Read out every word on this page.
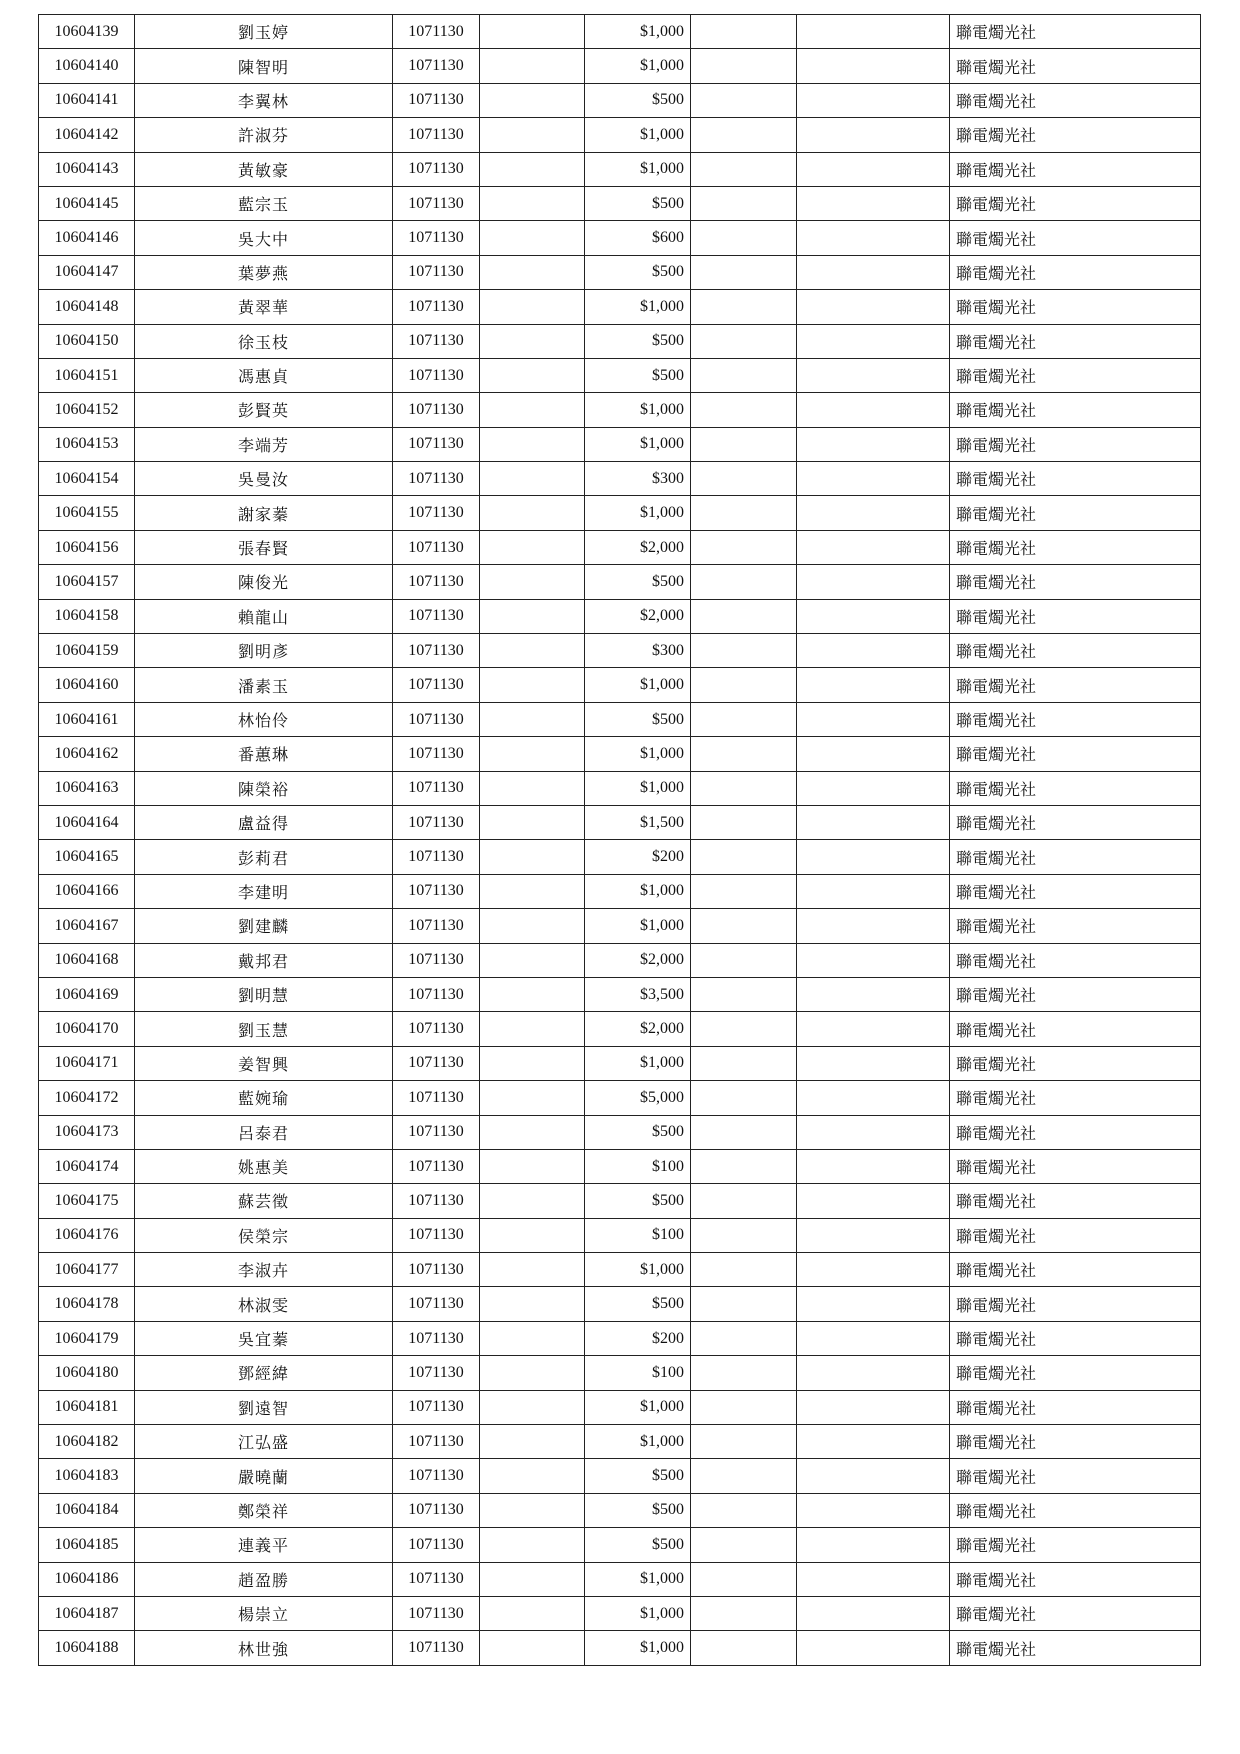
10604139	劉玉婷	1071130		$1,000			聯電燭光社
10604140	陳智明	1071130		$1,000			聯電燭光社
10604141	李翼林	1071130		$500			聯電燭光社
10604142	許淑芬	1071130		$1,000			聯電燭光社
10604143	黃敏豪	1071130		$1,000			聯電燭光社
10604145	藍宗玉	1071130		$500			聯電燭光社
10604146	吳大中	1071130		$600			聯電燭光社
10604147	葉夢燕	1071130		$500			聯電燭光社
10604148	黃翠華	1071130		$1,000			聯電燭光社
10604150	徐玉枝	1071130		$500			聯電燭光社
10604151	馮惠貞	1071130		$500			聯電燭光社
10604152	彭賢英	1071130		$1,000			聯電燭光社
10604153	李端芳	1071130		$1,000			聯電燭光社
10604154	吳曼汝	1071130		$300			聯電燭光社
10604155	謝家蓁	1071130		$1,000			聯電燭光社
10604156	張春賢	1071130		$2,000			聯電燭光社
10604157	陳俊光	1071130		$500			聯電燭光社
10604158	賴龍山	1071130		$2,000			聯電燭光社
10604159	劉明彥	1071130		$300			聯電燭光社
10604160	潘素玉	1071130		$1,000			聯電燭光社
10604161	林怡伶	1071130		$500			聯電燭光社
10604162	番蕙琳	1071130		$1,000			聯電燭光社
10604163	陳榮裕	1071130		$1,000			聯電燭光社
10604164	盧益得	1071130		$1,500			聯電燭光社
10604165	彭莉君	1071130		$200			聯電燭光社
10604166	李建明	1071130		$1,000			聯電燭光社
10604167	劉建麟	1071130		$1,000			聯電燭光社
10604168	戴邦君	1071130		$2,000			聯電燭光社
10604169	劉明慧	1071130		$3,500			聯電燭光社
10604170	劉玉慧	1071130		$2,000			聯電燭光社
10604171	姜智興	1071130		$1,000			聯電燭光社
10604172	藍婉瑜	1071130		$5,000			聯電燭光社
10604173	呂泰君	1071130		$500			聯電燭光社
10604174	姚惠美	1071130		$100			聯電燭光社
10604175	蘇芸徵	1071130		$500			聯電燭光社
10604176	侯榮宗	1071130		$100			聯電燭光社
10604177	李淑卉	1071130		$1,000			聯電燭光社
10604178	林淑雯	1071130		$500			聯電燭光社
10604179	吳宜蓁	1071130		$200			聯電燭光社
10604180	鄧經緯	1071130		$100			聯電燭光社
10604181	劉遠智	1071130		$1,000			聯電燭光社
10604182	江弘盛	1071130		$1,000			聯電燭光社
10604183	嚴曉蘭	1071130		$500			聯電燭光社
10604184	鄭榮祥	1071130		$500			聯電燭光社
10604185	連義平	1071130		$500			聯電燭光社
10604186	趙盈勝	1071130		$1,000			聯電燭光社
10604187	楊崇立	1071130		$1,000			聯電燭光社
10604188	林世強	1071130		$1,000			聯電燭光社
